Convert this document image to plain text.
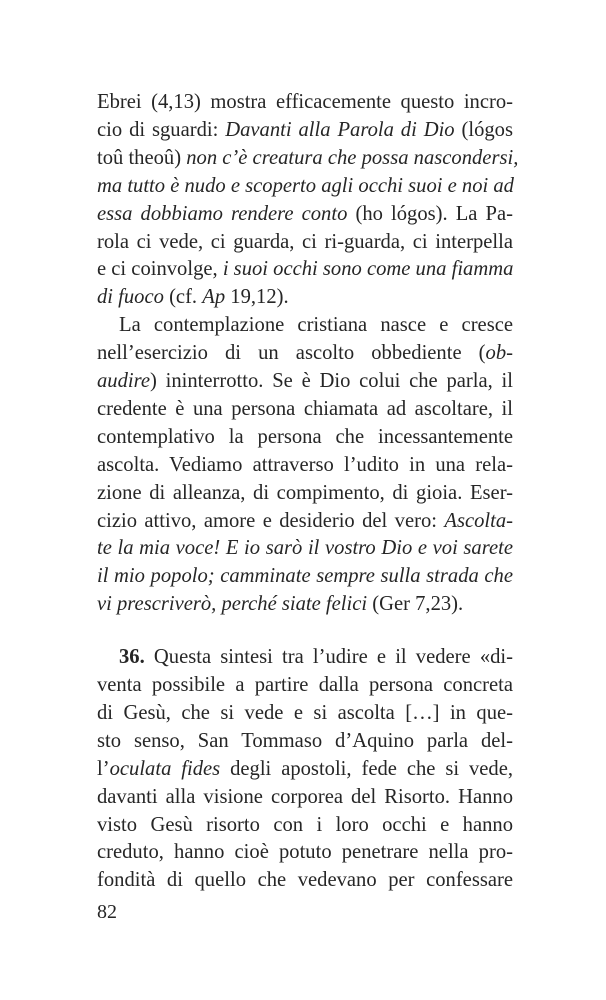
Ebrei (4,13) mostra efficacemente questo incro-
cio di sguardi: Davanti alla Parola di Dio (lógos
toû theoû) non c’è creatura che possa nascondersi,
ma tutto è nudo e scoperto agli occhi suoi e noi ad
essa dobbiamo rendere conto (ho lógos). La Pa-
rola ci vede, ci guarda, ci ri-guarda, ci interpella
e ci coinvolge, i suoi occhi sono come una fiamma
di fuoco (cf. Ap 19,12).
La contemplazione cristiana nasce e cresce
nell’esercizio di un ascolto obbediente (ob-
audire) ininterrotto. Se è Dio colui che parla, il
credente è una persona chiamata ad ascoltare, il
contemplativo la persona che incessantemente
ascolta. Vediamo attraverso l’udito in una rela-
zione di alleanza, di compimento, di gioia. Eser-
cizio attivo, amore e desiderio del vero: Ascolta-
te la mia voce! E io sarò il vostro Dio e voi sarete
il mio popolo; camminate sempre sulla strada che
vi prescriverò, perché siate felici (Ger 7,23).
36. Questa sintesi tra l’udire e il vedere «di-
venta possibile a partire dalla persona concreta
di Gesù, che si vede e si ascolta […] in que-
sto senso, San Tommaso d’Aquino parla del-
l’oculata fides degli apostoli, fede che si vede,
davanti alla visione corporea del Risorto. Hanno
visto Gesù risorto con i loro occhi e hanno
creduto, hanno cioè potuto penetrare nella pro-
fondità di quello che vedevano per confessare
82
